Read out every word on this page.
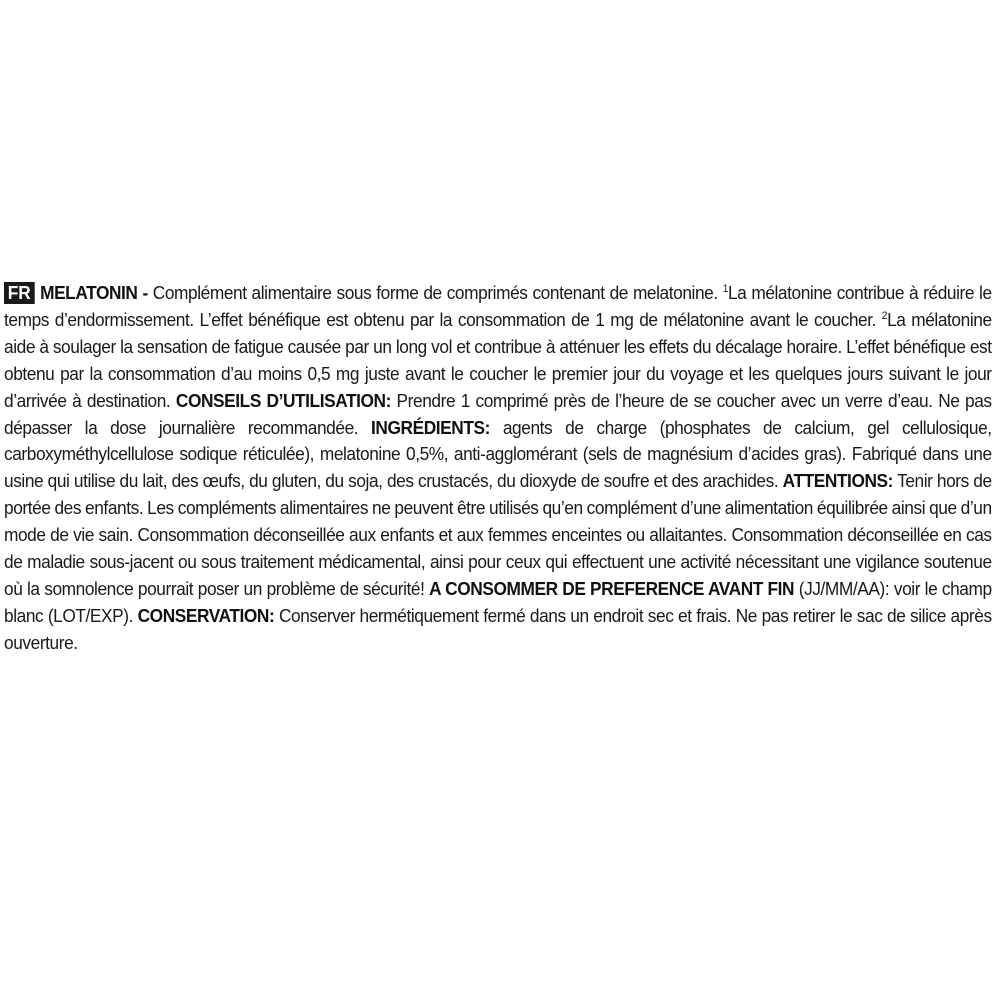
FR MELATONIN - Complément alimentaire sous forme de comprimés contenant de melatonine. $^1$La mélatonine contribue à réduire le temps d’endormissement. L’effet bénéfique est obtenu par la consommation de 1 mg de mélatonine avant le coucher. $^2$La mélatonine aide à soulager la sensation de fatigue causée par un long vol et contribue à atténuer les effets du décalage horaire. L’effet bénéfique est obtenu par la consommation d’au moins 0,5 mg juste avant le coucher le premier jour du voyage et les quelques jours suivant le jour d’arrivée à destination. CONSEILS D’UTILISATION: Prendre 1 comprimé près de l’heure de se coucher avec un verre d’eau. Ne pas dépasser la dose journalière recommandée. INGRÉDIENTS: agents de charge (phosphates de calcium, gel cellulosique, carboxyméthylcellulose sodique réticulée), melatonine 0,5%, anti-agglomérant (sels de magnésium d’acides gras). Fabriqué dans une usine qui utilise du lait, des œufs, du gluten, du soja, des crustacés, du dioxyde de soufre et des arachides. ATTENTIONS: Tenir hors de portée des enfants. Les compléments alimentaires ne peuvent être utilisés qu’en complément d’une alimentation équilibrée ainsi que d’un mode de vie sain. Consommation déconseillée aux enfants et aux femmes enceintes ou allaitantes. Consommation déconseillée en cas de maladie sous-jacent ou sous traitement médicamental, ainsi pour ceux qui effectuent une activité nécessitant une vigilance soutenue où la somnolence pourrait poser un problème de sécurité! A CONSOMMER DE PREFERENCE AVANT FIN (JJ/MM/AA): voir le champ blanc (LOT/EXP). CONSERVATION: Conserver hermétiquement fermé dans un endroit sec et frais. Ne pas retirer le sac de silice après ouverture.
